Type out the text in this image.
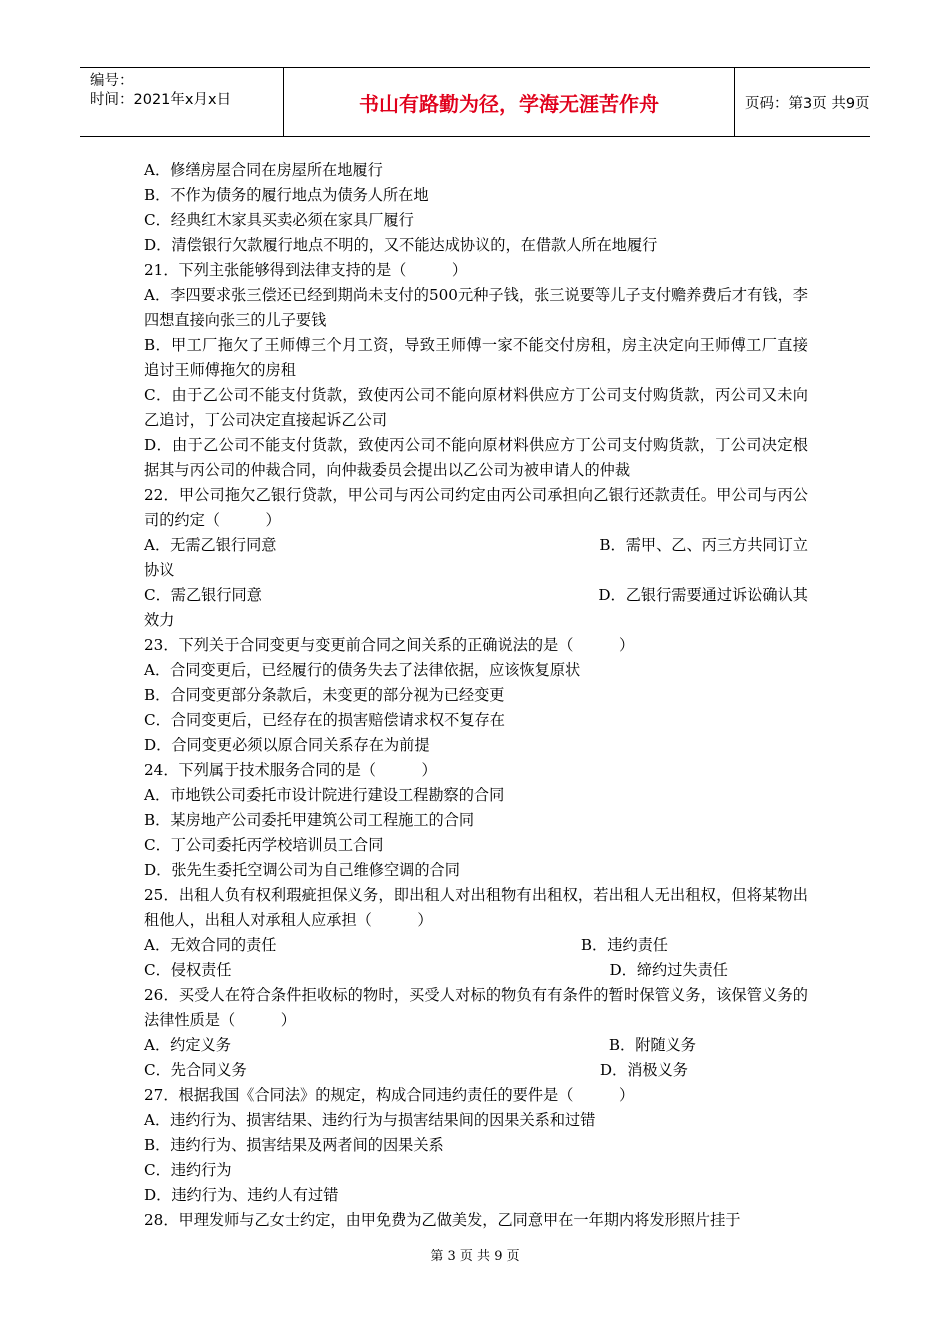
编号：
时间：2021年x月x日	书山有路勤为径，学海无涯苦作舟	页码：第3页 共9页
A．修缮房屋合同在房屋所在地履行
B．不作为债务的履行地点为债务人所在地
C．经典红木家具买卖必须在家具厂履行
D．清偿银行欠款履行地点不明的，又不能达成协议的，在借款人所在地履行
21．下列主张能够得到法律支持的是（　　　）
A．李四要求张三偿还已经到期尚未支付的500元种子钱，张三说要等儿子支付赡养费后才有钱，李四想直接向张三的儿子要钱
B．甲工厂拖欠了王师傅三个月工资，导致王师傅一家不能交付房租，房主决定向王师傅工厂直接追讨王师傅拖欠的房租
C．由于乙公司不能支付货款，致使丙公司不能向原材料供应方丁公司支付购货款，丙公司又未向乙追讨，丁公司决定直接起诉乙公司
D．由于乙公司不能支付货款，致使丙公司不能向原材料供应方丁公司支付购货款，丁公司决定根据其与丙公司的仲裁合同，向仲裁委员会提出以乙公司为被申请人的仲裁
22．甲公司拖欠乙银行贷款，甲公司与丙公司约定由丙公司承担向乙银行还款责任。甲公司与丙公司的约定（　　　）
A．无需乙银行同意	B．需甲、乙、丙三方共同订立
协议
C．需乙银行同意	D．乙银行需要通过诉讼确认其
效力
23．下列关于合同变更与变更前合同之间关系的正确说法的是（　　　）
A．合同变更后，已经履行的债务失去了法律依据，应该恢复原状
B．合同变更部分条款后，未变更的部分视为已经变更
C．合同变更后，已经存在的损害赔偿请求权不复存在
D．合同变更必须以原合同关系存在为前提
24．下列属于技术服务合同的是（　　　）
A．市地铁公司委托市设计院进行建设工程勘察的合同
B．某房地产公司委托甲建筑公司工程施工的合同
C．丁公司委托丙学校培训员工合同
D．张先生委托空调公司为自己维修空调的合同
25．出租人负有权利瑕疵担保义务，即出租人对出租物有出租权，若出租人无出租权，但将某物出租他人，出租人对承租人应承担（　　　）
A．无效合同的责任	B．违约责任
C．侵权责任	D．缔约过失责任
26．买受人在符合条件拒收标的物时，买受人对标的物负有有条件的暂时保管义务，该保管义务的法律性质是（　　　）
A．约定义务	B．附随义务
C．先合同义务	D．消极义务
27．根据我国《合同法》的规定，构成合同违约责任的要件是（　　　）
A．违约行为、损害结果、违约行为与损害结果间的因果关系和过错
B．违约行为、损害结果及两者间的因果关系
C．违约行为
D．违约行为、违约人有过错
28．甲理发师与乙女士约定，由甲免费为乙做美发，乙同意甲在一年期内将发形照片挂于
第 3 页 共 9 页
